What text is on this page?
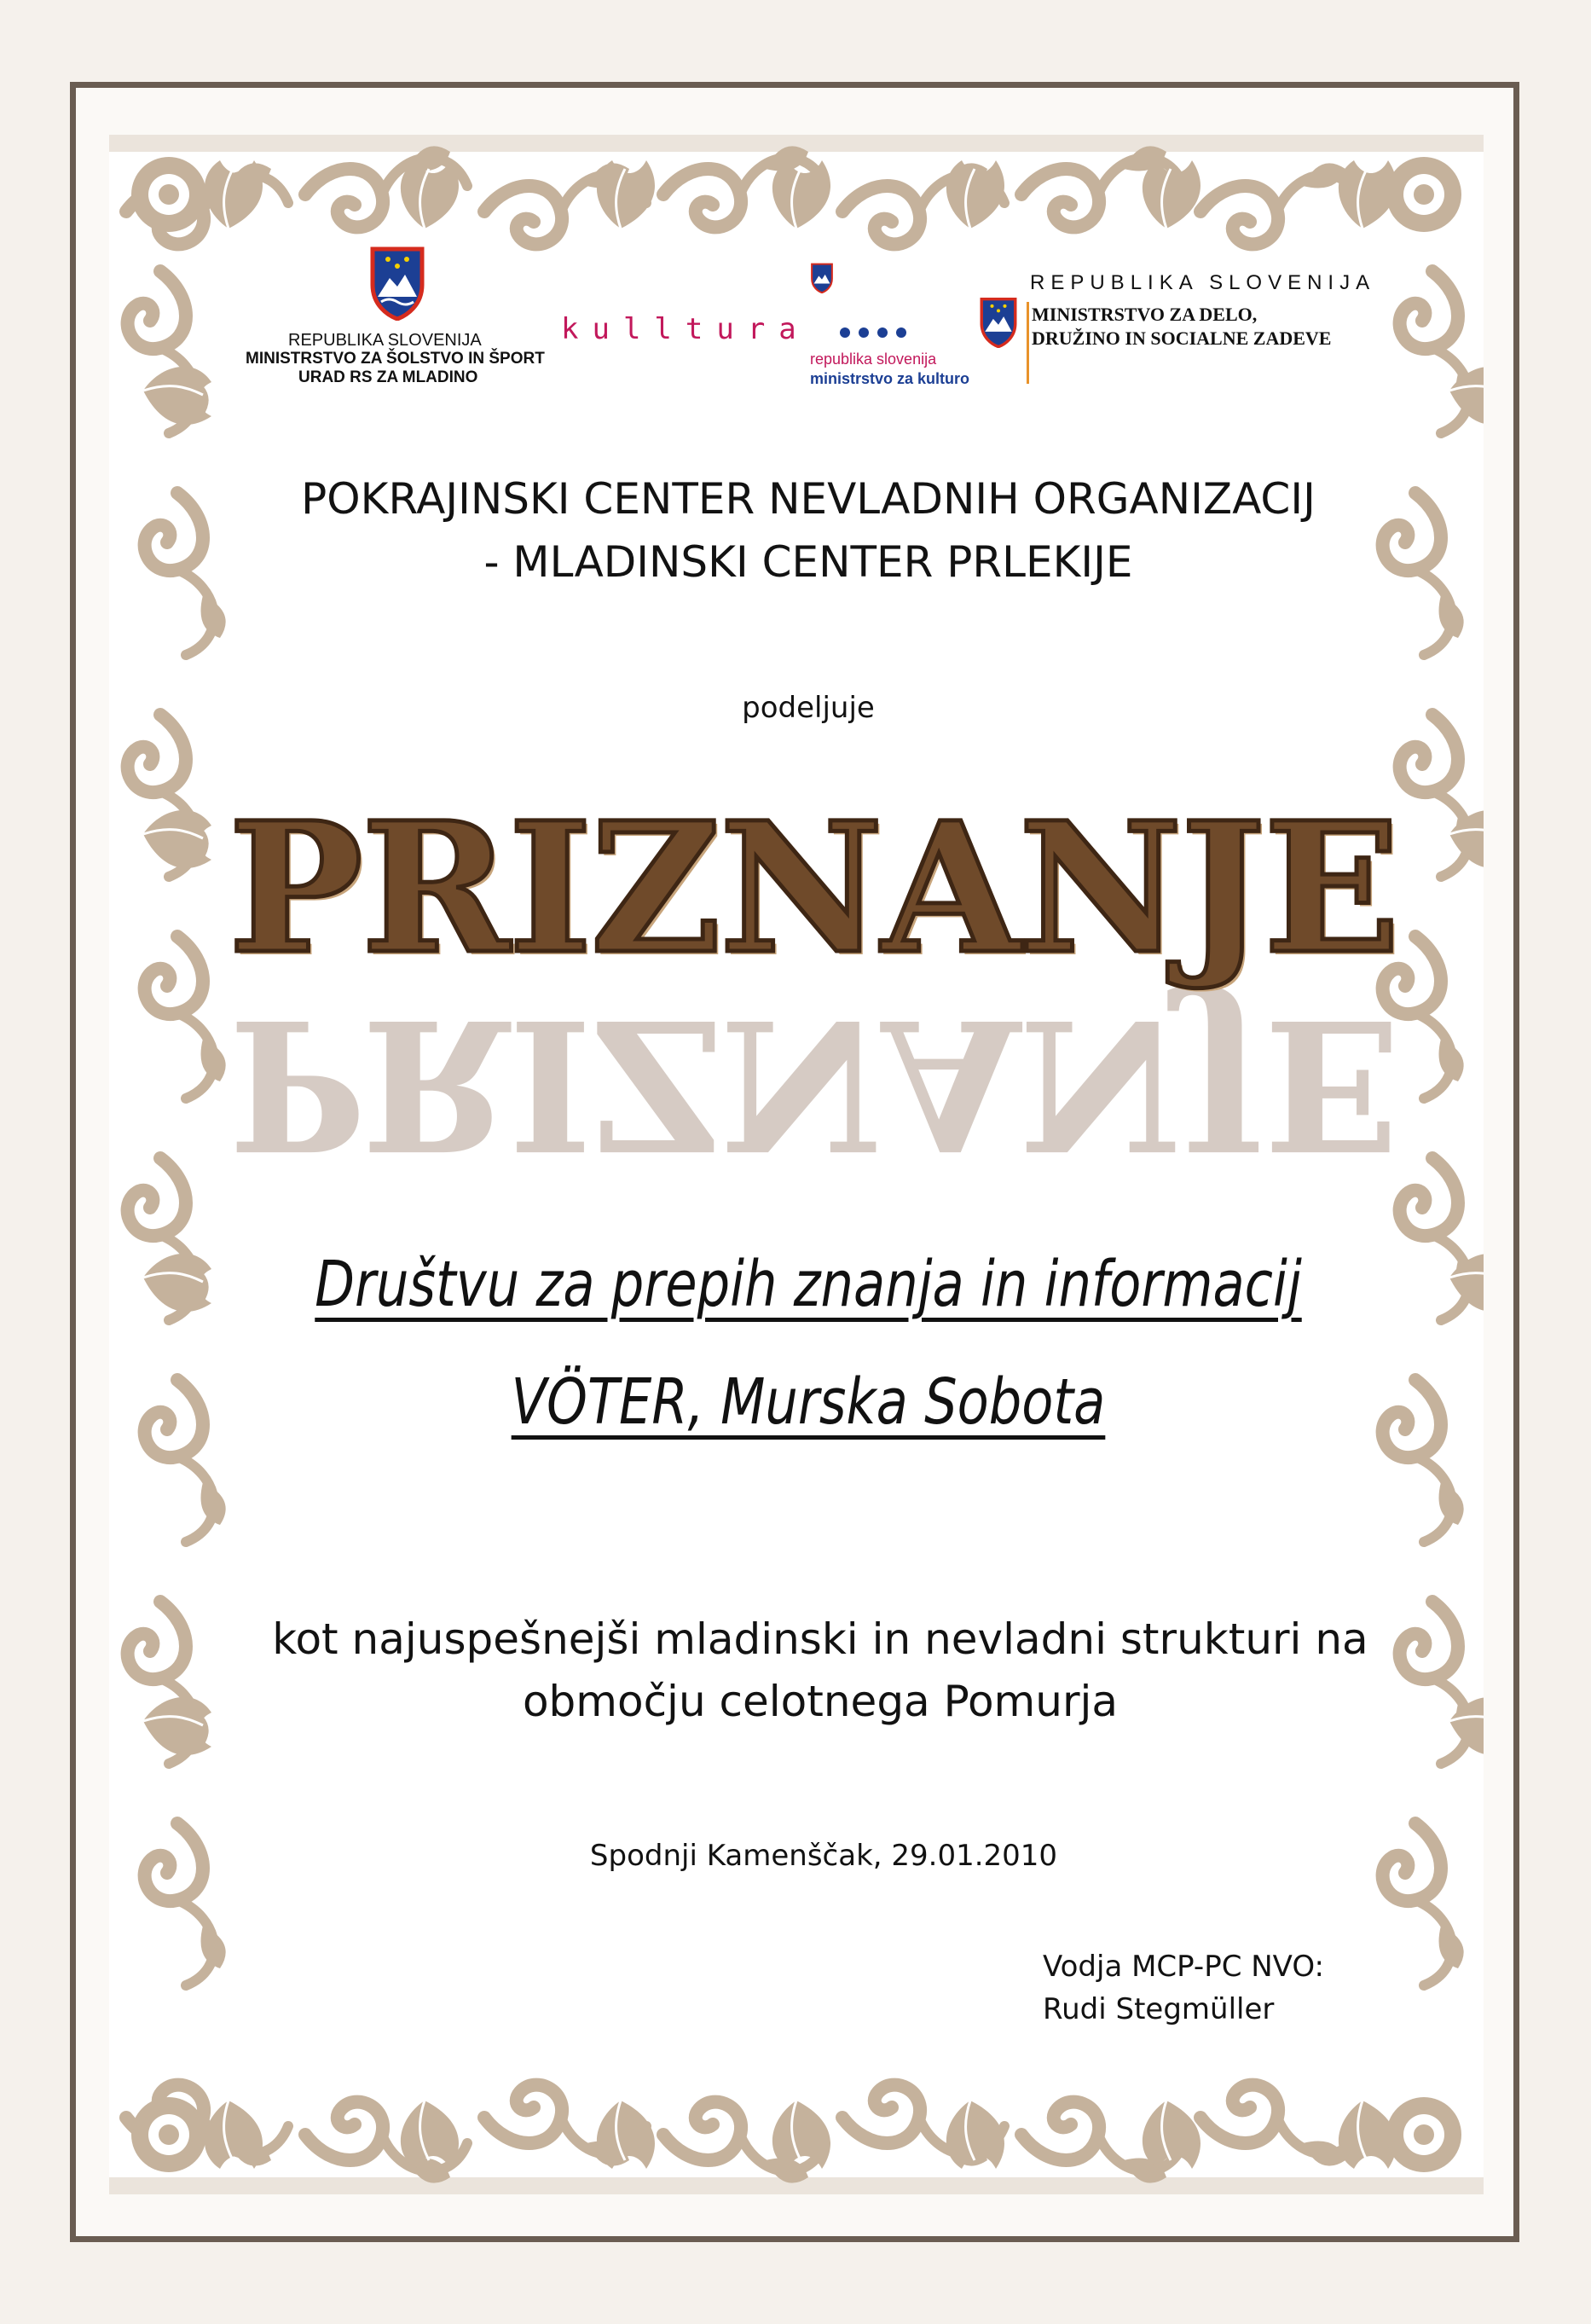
REPUBLIKA SLOVENIJA
MINISTRSTVO ZA ŠOLSTVO IN ŠPORT
URAD RS ZA MLADINO
kulltura
republika slovenija
ministrstvo za kulturo
REPUBLIKA SLOVENIJA
MINISTRSTVO ZA DELO,
DRUŽINO IN SOCIALNE ZADEVE
POKRAJINSKI CENTER NEVLADNIH ORGANIZACIJ
- MLADINSKI CENTER PRLEKIJE
podeljuje
PRIZNANJE
PRIZNANJE
Društvu za prepih znanja in informacij
VÖTER, Murska Sobota
kot najuspešnejši mladinski in nevladni strukturi na
območju celotnega Pomurja
Spodnji Kamenščak, 29.01.2010
Vodja MCP-PC NVO:
Rudi Stegmüller
